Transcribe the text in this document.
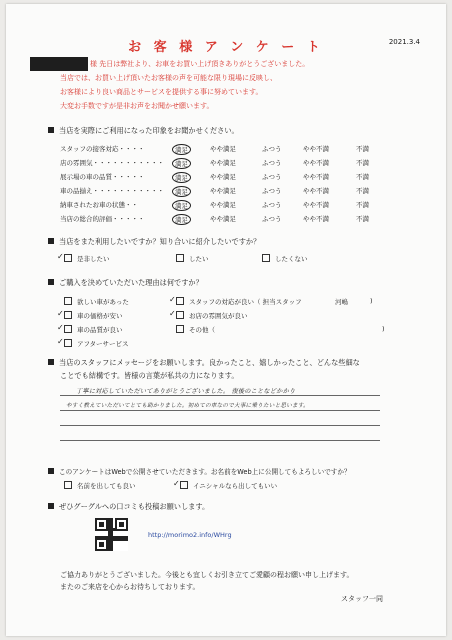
お 客 様 ア ン ケ ー ト	2021.3.4
様 先日は弊社より、お車をお買い上げ頂きありがとうございました。
当店では、お買い上げ頂いたお客様の声を可能な限り現場に反映し、
お客様により良い商品とサービスを提供する事に努めています。
大変お手数ですが是非お声をお聞かせ願います。
当店を実際にご利用になった印象をお聞かせください。
スタッフの接客対応・・・・
店の雰囲気・・・・・・・・・・・
展示場の車の品質・・・・・
車の品揃え・・・・・・・・・・・
納車されたお車の状態・・
当店の総合的評価・・・・・
満足
満足
満足
満足
満足
満足
やや満足
やや満足
やや満足
やや満足
やや満足
やや満足
ふつう
ふつう
ふつう
ふつう
ふつう
ふつう
やや不満
やや不満
やや不満
やや不満
やや不満
やや不満
不満
不満
不満
不満
不満
不満
当店をまた利用したいですか？知り合いに紹介したいですか？
✓是非したい	したい	したくない
ご購入を決めていただいた理由は何ですか？
欲しい車があった
✓車の価格が安い
✓車の品質が良い
✓アフターサービス
✓スタッフの対応が良い（ 担当スタッフ	河嶋	)
✓お店の雰囲気が良い
その他（	)
当店のスタッフにメッセージをお願いします。良かったこと、嬉しかったこと、どんな些細な
ことでも結構です。皆様の言葉が私共の力になります。
丁寧に対応していただいてありがとうございました。 復後のことなどかかり
やすく教えていただいてとても助かりました。初めての車なので大事に乗りたいと思います。
このアンケートはWebで公開させていただきます。お名前をWeb上に公開してもよろしいですか？
名前を出しても良い
✓	イニシャルなら出してもいい
ぜひグーグルへの口コミも投稿お願いします。
http://morimo2.info/WHrg
ご協力ありがとうございました。今後とも宜しくお引き立てご愛顧の程お願い申し上げます。
またのご来店を心からお待ちしております。
スタッフ一同
